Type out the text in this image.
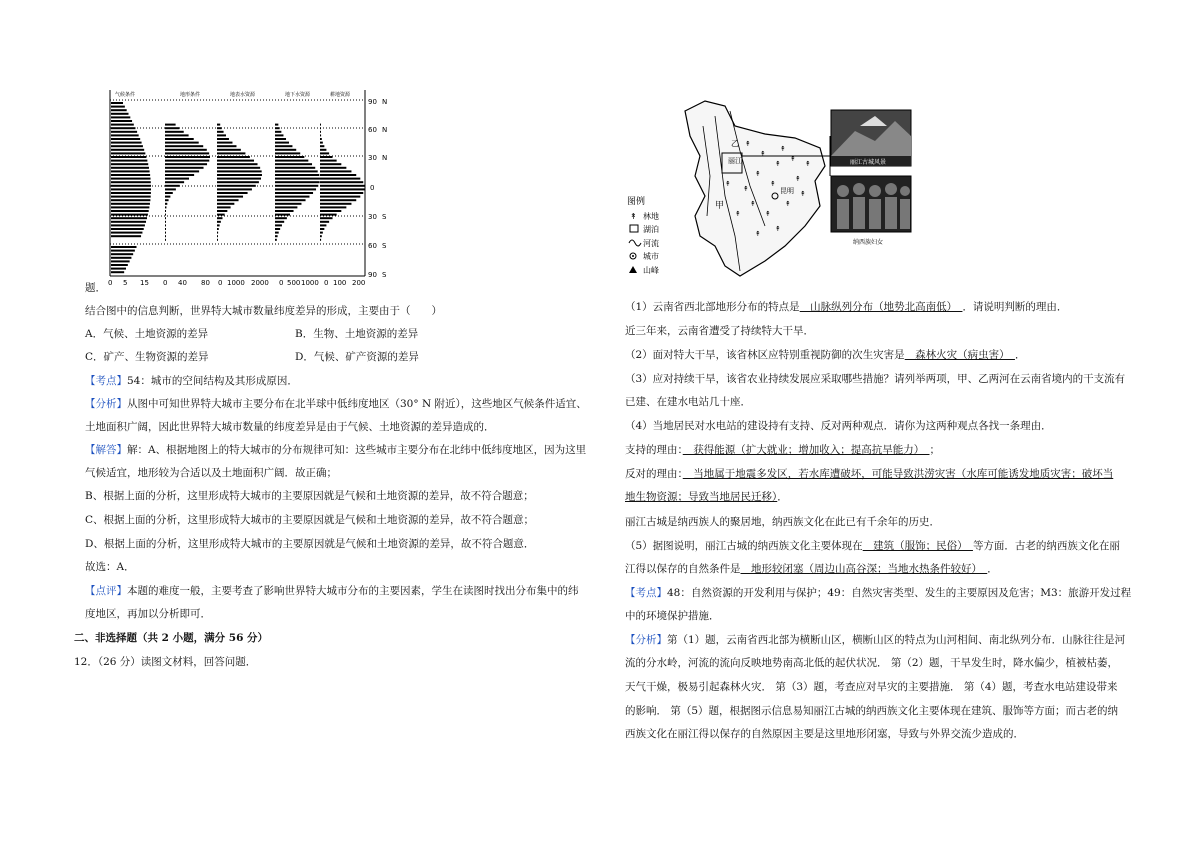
90 N
60 N
30 N
0
30 S
60 S
90 S
气候条件	地形条件	地表水资源	地下水资源	耕地资源
0 5 15 0 40 80 0 1000 2000 0 500 1000 0 100 200
题．
结合图中的信息判断，世界特大城市数量纬度差异的形成，主要由于（　　）
A．气候、土地资源的差异	B．生物、土地资源的差异
C．矿产、生物资源的差异	D．气候、矿产资源的差异
【考点】54：城市的空间结构及其形成原因．
【分析】从图中可知世界特大城市主要分布在北半球中低纬度地区（30° N 附近），这些地区气候条件适宜、
土地面积广阔，因此世界特大城市数量的纬度差异是由于气候、土地资源的差异造成的．
【解答】解：A、根据地图上的特大城市的分布规律可知：这些城市主要分布在北纬中低纬度地区，因为这里
气候适宜，地形较为合适以及土地面积广阔．故正确；
B、根据上面的分析，这里形成特大城市的主要原因就是气候和土地资源的差异，故不符合题意；
C、根据上面的分析，这里形成特大城市的主要原因就是气候和土地资源的差异，故不符合题意；
D、根据上面的分析，这里形成特大城市的主要原因就是气候和土地资源的差异，故不符合题意．
故选：A．
【点评】本题的难度一般，主要考查了影响世界特大城市分布的主要因素，学生在读图时找出分布集中的纬
度地区，再加以分析即可．
二、非选择题（共 2 小题，满分 56 分）
12．（26 分）读图文材料，回答问题．
↟
↟
↟
↟
↟
↟
↟
↟
↟
↟
↟
↟
↟
↟
↟
↟
↟
↟
丽江
昆明
甲
乙
丽江古城风景
纳西族妇女
图例
↟ 林地
湖泊
河流
城市
山峰
（1）云南省西北部地形分布的特点是　山脉纵列分布（地势北高南低）　．请说明判断的理由．
近三年来，云南省遭受了持续特大干旱．
（2）面对特大干旱，该省林区应特别重视防御的次生灾害是　森林火灾（病虫害）　．
（3）应对持续干旱，该省农业持续发展应采取哪些措施？请列举两项，甲、乙两河在云南省境内的干支流有
已建、在建水电站几十座．
（4）当地居民对水电站的建设持有支持、反对两种观点．请你为这两种观点各找一条理由．
支持的理由：　获得能源（扩大就业；增加收入；提高抗旱能力）　；
反对的理由：　当地属于地震多发区，若水库遭破坏，可能导致洪涝灾害（水库可能诱发地质灾害；破坏当
地生物资源；导致当地居民迁移）．
丽江古城是纳西族人的聚居地，纳西族文化在此已有千余年的历史．
（5）据图说明，丽江古城的纳西族文化主要体现在　建筑（服饰；民俗）　等方面．古老的纳西族文化在丽
江得以保存的自然条件是　地形较闭塞（周边山高谷深；当地水热条件较好）　．
【考点】48：自然资源的开发利用与保护；49：自然灾害类型、发生的主要原因及危害；M3：旅游开发过程
中的环境保护措施．
【分析】第（1）题，云南省西北部为横断山区，横断山区的特点为山河相间、南北纵列分布．山脉往往是河
流的分水岭，河流的流向反映地势南高北低的起伏状况． 第（2）题，干旱发生时，降水偏少，植被枯萎，
天气干燥，极易引起森林火灾． 第（3）题，考查应对旱灾的主要措施． 第（4）题，考查水电站建设带来
的影响． 第（5）题，根据图示信息易知丽江古城的纳西族文化主要体现在建筑、服饰等方面；而古老的纳
西族文化在丽江得以保存的自然原因主要是这里地形闭塞，导致与外界交流少造成的．
